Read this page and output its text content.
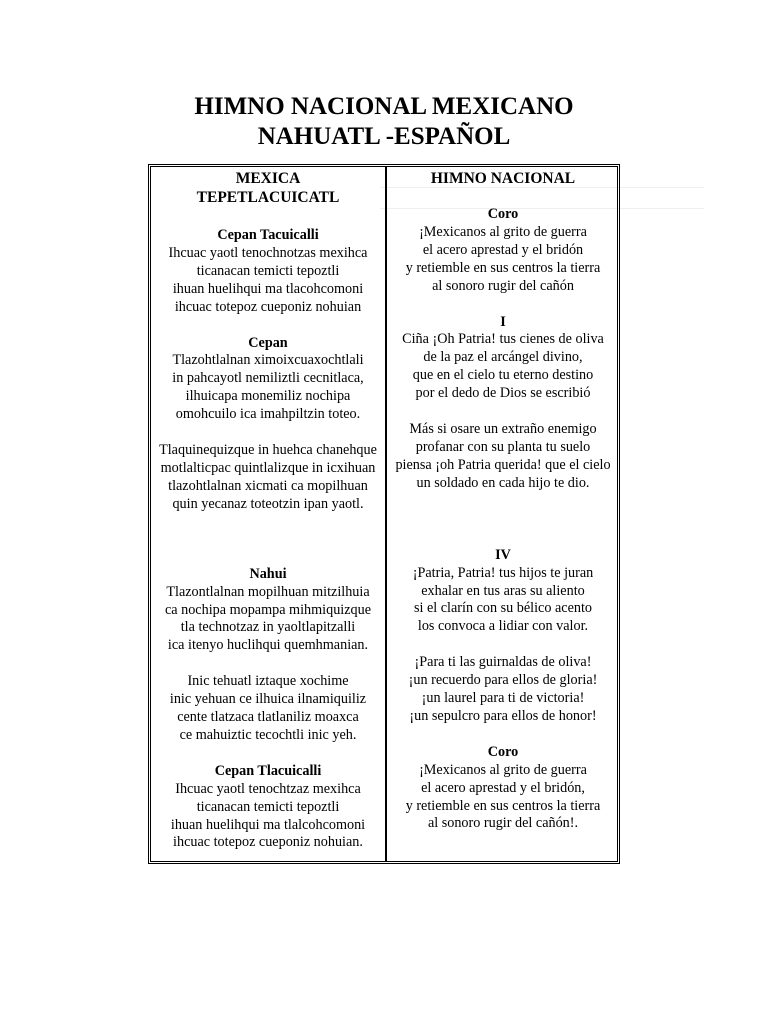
HIMNO NACIONAL MEXICANO
NAHUATL -ESPAÑOL
MEXICA
TEPETLACUICATL
Cepan Tacuicalli
Ihcuac yaotl tenochnotzas mexihca
ticanacan temicti tepoztli
ihuan huelihqui ma tlacohcomoni
ihcuac totepoz cueponiz nohuian
Cepan
Tlazohtlalnan ximoixcuaxochtlali
in pahcayotl nemiliztli cecnitlaca,
ilhuicapa monemiliz nochipa
omohcuilo ica imahpiltzin toteo.
Tlaquinequizque in huehca chanehque
motlalticpac quintlalizque in icxihuan
tlazohtlalnan xicmati ca mopilhuan
quin yecanaz toteotzin ipan yaotl.
Nahui
Tlazontlalnan mopilhuan mitzilhuia
ca nochipa mopampa mihmiquizque
tla technotzaz in yaoltlapitzalli
ica itenyo huclihqui quemhmanian.
Inic tehuatl iztaque xochime
inic yehuan ce ilhuica ilnamiquiliz
cente tlatzaca tlatlaniliz moaxca
ce mahuiztic tecochtli inic yeh.
Cepan Tlacuicalli
Ihcuac yaotl tenochtzaz mexihca
ticanacan temicti tepoztli
ihuan huelihqui ma tlalcohcomoni
ihcuac totepoz cueponiz nohuian.
HIMNO NACIONAL
Coro
¡Mexicanos al grito de guerra
el acero aprestad y el bridón
y retiemble en sus centros la tierra
al sonoro rugir del cañón
I
Ciña ¡Oh Patria! tus cienes de oliva
de la paz el arcángel divino,
que en el cielo tu eterno destino
por el dedo de Dios se escribió
Más si osare un extraño enemigo
profanar con su planta tu suelo
piensa ¡oh Patria querida! que el cielo
un soldado en cada hijo te dio.
IV
¡Patria, Patria! tus hijos te juran
exhalar en tus aras su aliento
si el clarín con su bélico acento
los convoca a lidiar con valor.
¡Para ti las guirnaldas de oliva!
¡un recuerdo para ellos de gloria!
¡un laurel para ti de victoria!
¡un sepulcro para ellos de honor!
Coro
¡Mexicanos al grito de guerra
el acero aprestad y el bridón,
y retiemble en sus centros la tierra
al sonoro rugir del cañón!.
